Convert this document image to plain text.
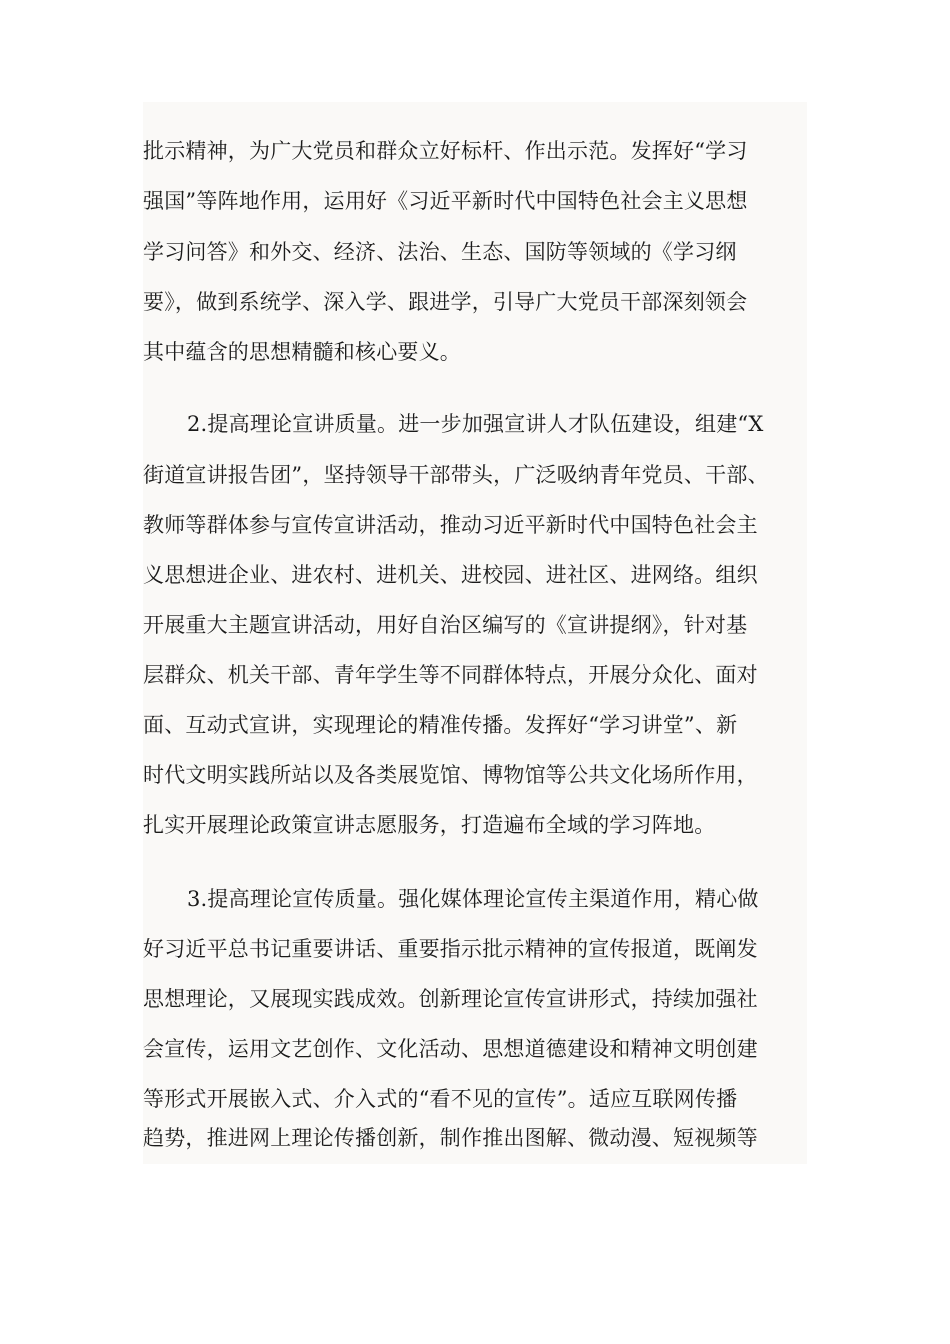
批示精神，为广大党员和群众立好标杆、作出示范。发挥好“学习
强国”等阵地作用，运用好《习近平新时代中国特色社会主义思想
学习问答》和外交、经济、法治、生态、国防等领域的《学习纲
要》，做到系统学、深入学、跟进学，引导广大党员干部深刻领会
其中蕴含的思想精髓和核心要义。
2.提高理论宣讲质量。进一步加强宣讲人才队伍建设，组建“X
街道宣讲报告团”，坚持领导干部带头，广泛吸纳青年党员、干部、
教师等群体参与宣传宣讲活动，推动习近平新时代中国特色社会主
义思想进企业、进农村、进机关、进校园、进社区、进网络。组织
开展重大主题宣讲活动，用好自治区编写的《宣讲提纲》，针对基
层群众、机关干部、青年学生等不同群体特点，开展分众化、面对
面、互动式宣讲，实现理论的精准传播。发挥好“学习讲堂”、新
时代文明实践所站以及各类展览馆、博物馆等公共文化场所作用，
扎实开展理论政策宣讲志愿服务，打造遍布全域的学习阵地。
3.提高理论宣传质量。强化媒体理论宣传主渠道作用，精心做
好习近平总书记重要讲话、重要指示批示精神的宣传报道，既阐发
思想理论，又展现实践成效。创新理论宣传宣讲形式，持续加强社
会宣传，运用文艺创作、文化活动、思想道德建设和精神文明创建
等形式开展嵌入式、介入式的“看不见的宣传”。适应互联网传播
趋势，推进网上理论传播创新，制作推出图解、微动漫、短视频等
